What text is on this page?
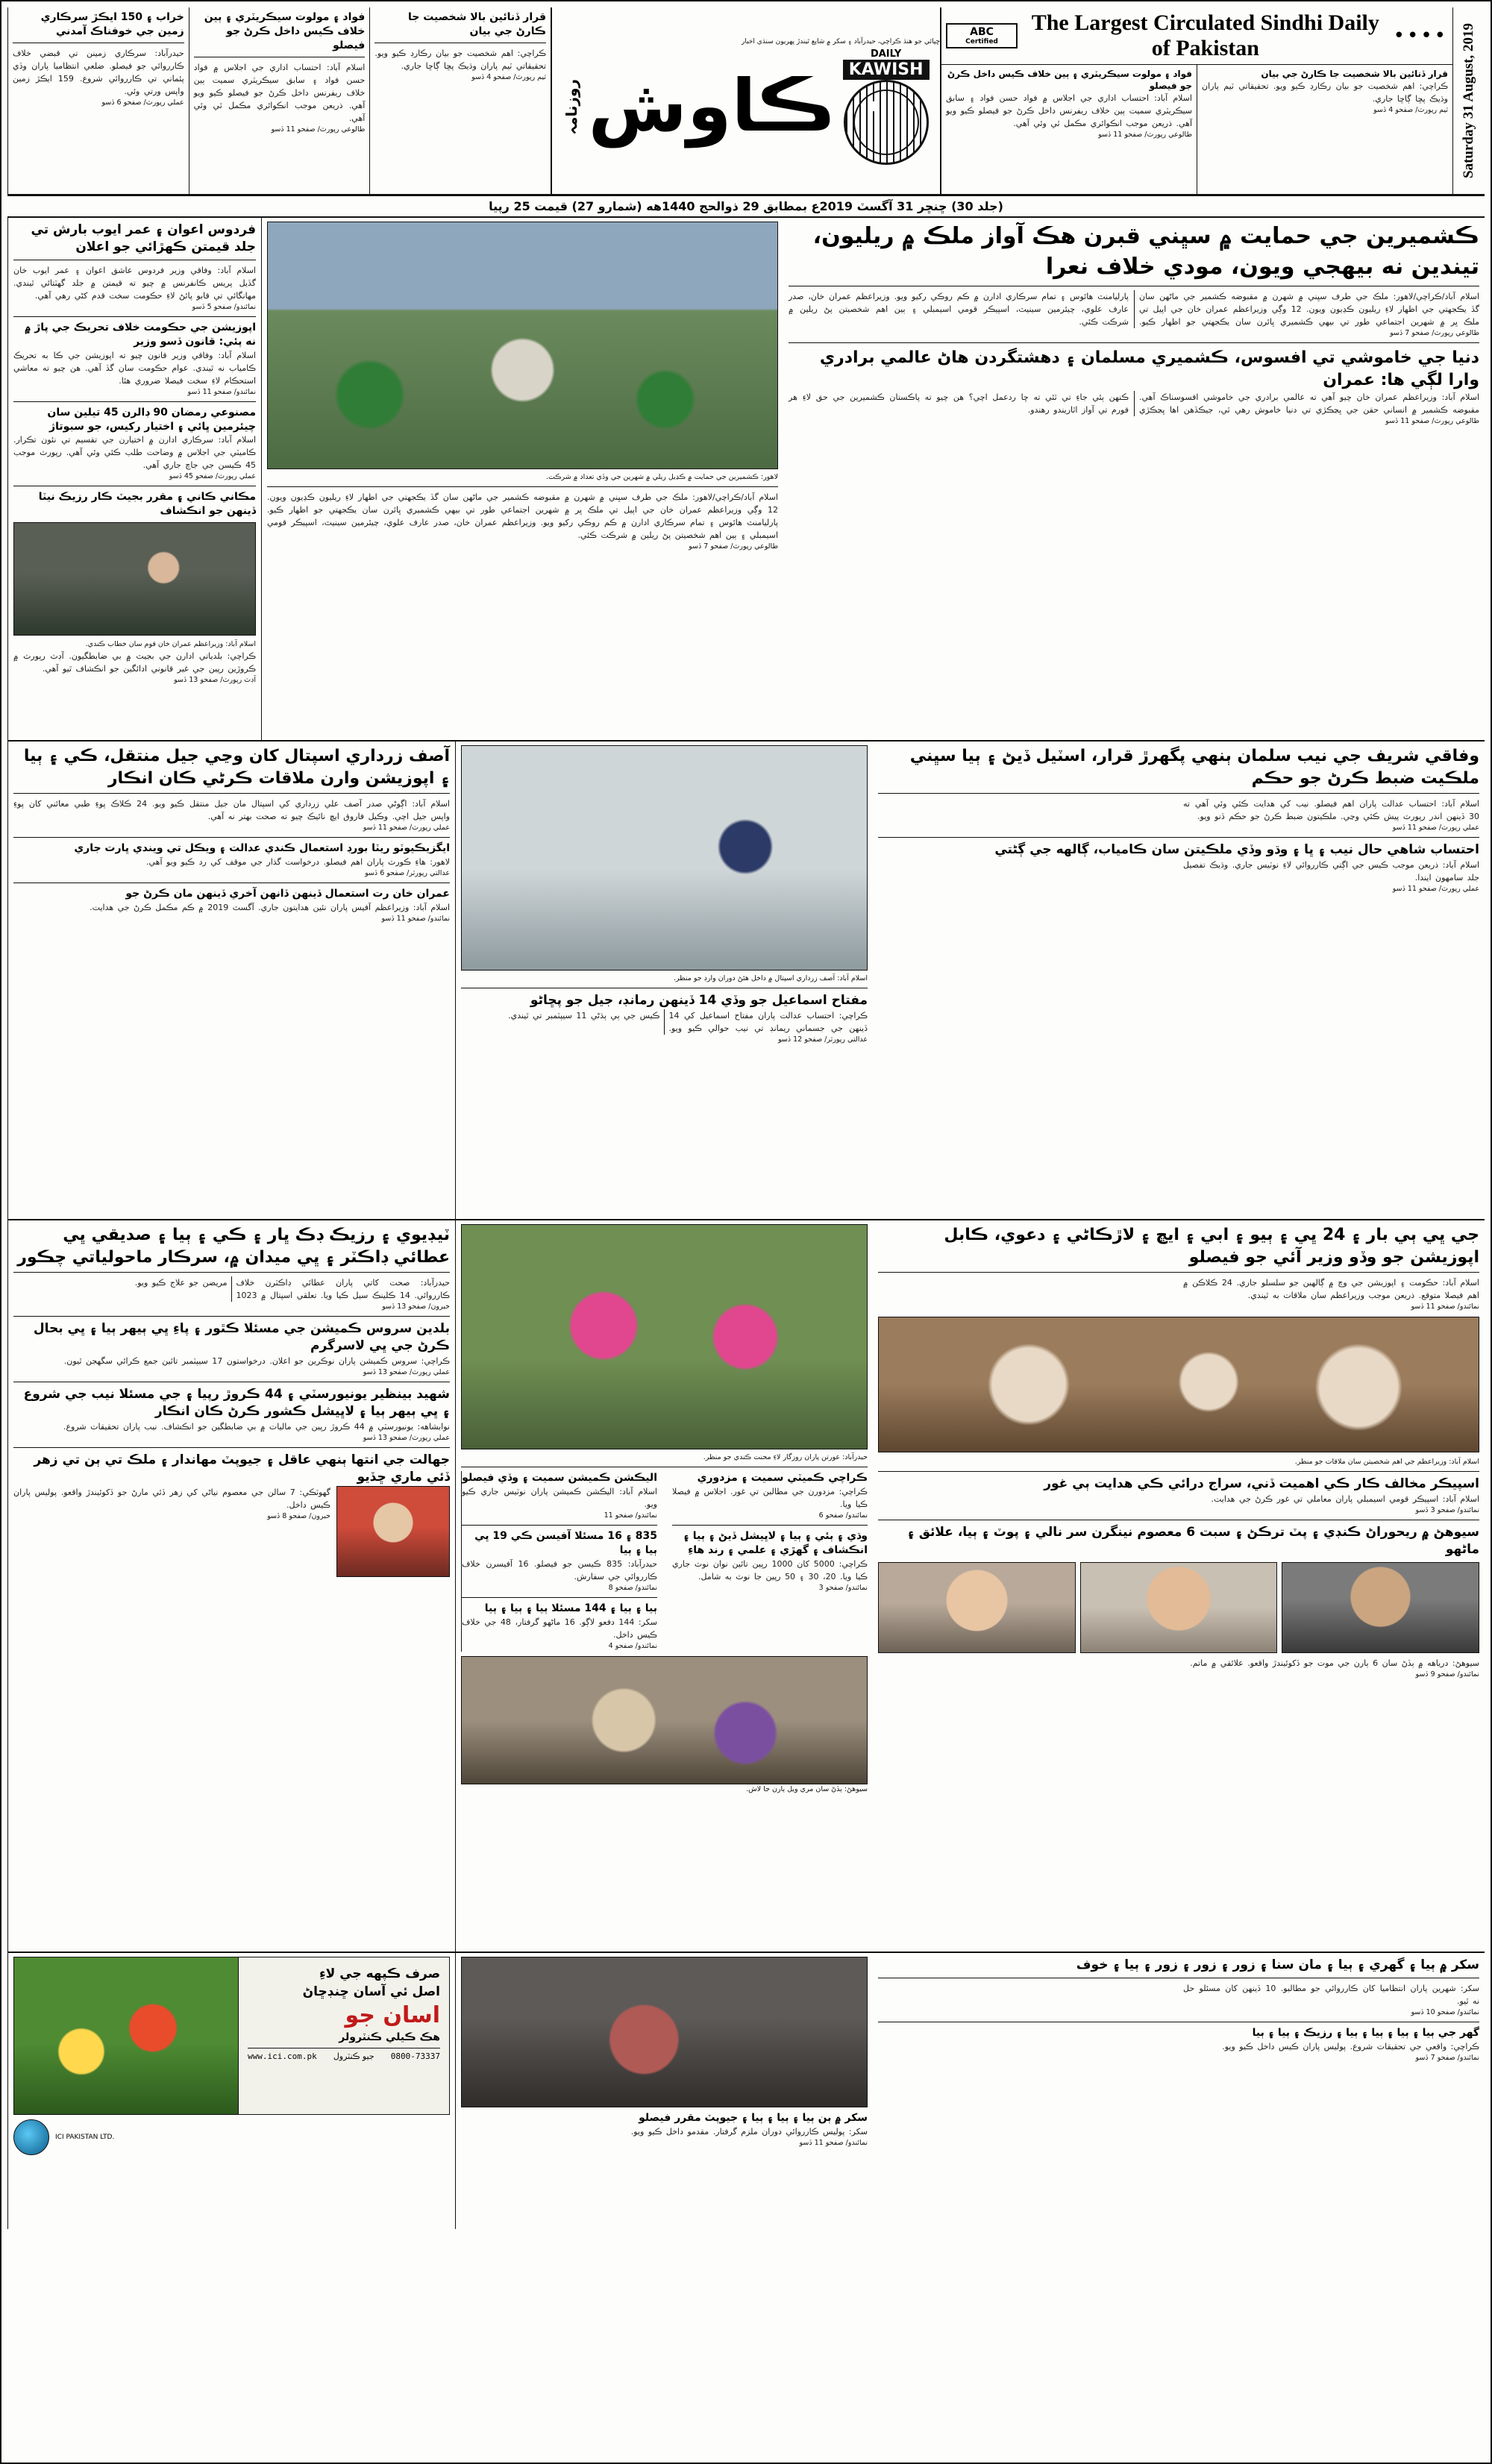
ABC
Certified
The Largest Circulated Sindhi Daily of Pakistan	••••
فواد ۽ مولوت سيڪريٽري ۽ ٻين خلاف ڪيس داخل ڪرڻ جو فيصلو
اسلام آباد: احتساب اداري جي اجلاس ۾ فواد حسن فواد ۽ سابق سيڪريٽري سميت ٻين خلاف ريفرنس داخل ڪرڻ جو فيصلو ڪيو ويو آهي. ذريعن موجب انڪوائري مڪمل ٿي وئي آهي.
طالوعي رپورٽ/ صفحو 11 ڏسو
قرار ڏنائين بالا شخصيت جا ڪارڻ جي بيان
ڪراچي: اهم شخصيت جو بيان رڪارڊ ڪيو ويو. تحقيقاتي ٽيم پاران وڌيڪ پڇا ڳاڇا جاري.
ٽيم رپورٽ/ صفحو 4 ڏسو Saturday 31 August, 2019
ڇپائي جو هنڌ ڪراچي، حيدرآباد ۽ سکر ۾ شايع ٿيندڙ پهريون سنڌي اخبار
روزنامہ ڪاوش
DAILY
KAWISH
خراب ۽ 150 ايڪڙ سرڪاري زمين جي خوفناڪ آمدني
حيدرآباد: سرڪاري زمينن تي قبضي خلاف ڪارروائي جو فيصلو. ضلعي انتظاميا پاران وڏي پئماني تي ڪارروائي شروع. 159 ايڪڙ زمين واپس ورتي وئي.
عملي رپورٽ/ صفحو 6 ڏسو
فواد ۽ مولوت سيڪريٽري ۽ ٻين خلاف ڪيس داخل ڪرڻ جو فيصلو
اسلام آباد: احتساب اداري جي اجلاس ۾ فواد حسن فواد ۽ سابق سيڪريٽري سميت ٻين خلاف ريفرنس داخل ڪرڻ جو فيصلو ڪيو ويو آهي. ذريعن موجب انڪوائري مڪمل ٿي وئي آهي.
طالوعي رپورٽ/ صفحو 11 ڏسو
قرار ڏنائين بالا شخصيت جا ڪارڻ جي بيان
ڪراچي: اهم شخصيت جو بيان رڪارڊ ڪيو ويو. تحقيقاتي ٽيم پاران وڌيڪ پڇا ڳاڇا جاري.
ٽيم رپورٽ/ صفحو 4 ڏسو
(جلد 30) ڇنڇر 31 آگسٽ 2019ع بمطابق 29 ذوالحج 1440هه (شمارو 27) قيمت 25 رپيا
فردوس اعوان ۽ عمر ايوب بارش تي جلد قيمتن ڪهڙائي جو اعلان
اسلام آباد: وفاقي وزير فردوس عاشق اعوان ۽ عمر ايوب خان گڏيل پريس ڪانفرنس ۾ چيو ته قيمتن ۾ جلد گهٽتائي ٿيندي. مهانگائي تي قابو پائڻ لاءِ حڪومت سخت قدم کڻي رهي آهي.
نمائندو/ صفحو 5 ڏسو
اپوزيشن جي حڪومت خلاف تحريڪ جي پاڙ ۾ نه پئي: قانون ڏسو وزير
اسلام آباد: وفاقي وزير قانون چيو ته اپوزيشن جي ڪا به تحريڪ ڪامياب نه ٿيندي. عوام حڪومت سان گڏ آهي. هن چيو ته معاشي استحڪام لاءِ سخت فيصلا ضروري هئا.
نمائندو/ صفحو 11 ڏسو
مصنوعي رمضان 90 ڊالرن 45 تيلين سان چيئرمين ڀائي ۽ اختيار رکيس، جو سبوتاژ
اسلام آباد: سرڪاري ادارن ۾ اختيارن جي تقسيم تي نئون تڪرار. ڪاميٽي جي اجلاس ۾ وضاحت طلب ڪئي وئي آهي. رپورٽ موجب 45 ڪيسن جي جاچ جاري آهي.
عملي رپورٽ/ صفحو 45 ڏسو
مڪاني ڪاني ۽ مقرر بجيٽ ڪار رزيڪ نيٽا ڏينهن جو انڪشاف
اسلام آباد: وزيراعظم عمران خان قوم سان خطاب ڪندي.
ڪراچي: بلدياتي ادارن جي بجيٽ ۾ بي ضابطگيون. آڊٽ رپورٽ ۾ ڪروڙين رپين جي غير قانوني ادائگين جو انڪشاف ٿيو آهي.
آڊٽ رپورٽ/ صفحو 13 ڏسو
لاهور: ڪشميرين جي حمايت ۾ ڪڍيل ريلي ۾ شهرين جي وڏي تعداد ۾ شرڪت.
اسلام آباد/ڪراچي/لاهور: ملڪ جي طرف سڀني ۾ شهرن ۾ مقبوضه ڪشمير جي ماڻهن سان گڏ يڪجهتي جي اظهار لاءِ ريليون ڪڍيون ويون. 12 وڳي وزيراعظم عمران خان جي اپيل تي ملڪ ڀر ۾ شهرين اجتماعي طور تي بيهي ڪشميري ڀائرن سان يڪجهتي جو اظهار ڪيو. پارليامنٽ هائوس ۽ تمام سرڪاري ادارن ۾ ڪم روڪي رکيو ويو. وزيراعظم عمران خان، صدر عارف علوي، چيئرمين سينيٽ، اسپيڪر قومي اسيمبلي ۽ ٻين اهم شخصيتن پڻ ريلين ۾ شرڪت ڪئي.
طالوعي رپورٽ/ صفحو 7 ڏسو
ڪشميرين جي حمايت ۾ سڀني قبرن هڪ آواز ملڪ ۾ ريليون، تيندين نه بيهجي ويون، مودي خلاف نعرا
اسلام آباد/ڪراچي/لاهور: ملڪ جي طرف سڀني ۾ شهرن ۾ مقبوضه ڪشمير جي ماڻهن سان گڏ يڪجهتي جي اظهار لاءِ ريليون ڪڍيون ويون. 12 وڳي وزيراعظم عمران خان جي اپيل تي ملڪ ڀر ۾ شهرين اجتماعي طور تي بيهي ڪشميري ڀائرن سان يڪجهتي جو اظهار ڪيو. پارليامنٽ هائوس ۽ تمام سرڪاري ادارن ۾ ڪم روڪي رکيو ويو. وزيراعظم عمران خان، صدر عارف علوي، چيئرمين سينيٽ، اسپيڪر قومي اسيمبلي ۽ ٻين اهم شخصيتن پڻ ريلين ۾ شرڪت ڪئي.
طالوعي رپورٽ/ صفحو 7 ڏسو
دنيا جي خاموشي تي افسوس، ڪشميري مسلمان ۽ دهشتگردن هاڻ عالمي برادري وارا لڳي ها: عمران
اسلام آباد: وزيراعظم عمران خان چيو آهي ته عالمي برادري جي خاموشي افسوسناڪ آهي. مقبوضه ڪشمير ۾ انساني حقن جي ڀڃڪڙي تي دنيا خاموش رهي ٿي، جيڪڏهن اها ڀڃڪڙي ڪنهن ٻئي جاءِ تي ٿئي ته ڇا ردعمل اچي؟ هن چيو ته پاڪستان ڪشميرين جي حق لاءِ هر فورم تي آواز اٿاريندو رهندو.
طالوعي رپورٽ/ صفحو 11 ڏسو
آصف زرداري اسپتال کان وڃي جيل منتقل، ڪي ۽ ٻيا ۽ اپوزيشن وارن ملاقات ڪرڻي ڪان انڪار
اسلام آباد: اڳوڻي صدر آصف علي زرداري کي اسپتال مان جيل منتقل ڪيو ويو. 24 ڪلاڪ پوءِ طبي معائني کان پوءِ واپس جيل اچي. وڪيل فاروق ايڇ نائيڪ چيو ته صحت بهتر نه آهي.
عملي رپورٽ/ صفحو 11 ڏسو
ايگزيڪيوٽو ريٽا بورڊ استعمال ڪندي عدالت ۽ ويڪل تي ويندي ڀارت جاري
لاهور: هاءِ ڪورٽ پاران اهم فيصلو. درخواست گذار جي موقف کي رد ڪيو ويو آهي.
عدالتي رپورٽر/ صفحو 6 ڏسو
عمران خان رت استعمال ڏينهن ڏانهن آخري ڏينهن مان ڪرڻ جو
اسلام آباد: وزيراعظم آفيس پاران نئين هدايتون جاري. آگسٽ 2019 ۾ ڪم مڪمل ڪرڻ جي هدايت.
نمائندو/ صفحو 11 ڏسو
اسلام آباد: آصف زرداري اسپتال ۾ داخل هئڻ دوران وارڊ جو منظر.
مفتاح اسماعيل جو وڏي 14 ڏينهن رمانڊ، جيل جو پڇاڻو
ڪراچي: احتساب عدالت پاران مفتاح اسماعيل کي 14 ڏينهن جي جسماني ريمانڊ تي نيب حوالي ڪيو ويو. ڪيس جي ٻي ٻڌڻي 11 سيپٽمبر تي ٿيندي.
عدالتي رپورٽر/ صفحو 12 ڏسو
وفاقي شريف جي نيب سلمان ٻنهي پگهرڙ قرار، اسٽيل ڏيڻ ۽ ٻيا سڀني ملڪيت ضبط ڪرڻ جو حڪم
اسلام آباد: احتساب عدالت پاران اهم فيصلو. نيب کي هدايت ڪئي وئي آهي ته 30 ڏينهن اندر رپورٽ پيش ڪئي وڃي. ملڪيتون ضبط ڪرڻ جو حڪم ڏنو ويو.
عملي رپورٽ/ صفحو 11 ڏسو
احتساب شاهي حال نيب ۽ ڀا ۽ وڌو وڏي ملڪيتن سان ڪامياب، ڳالهه جي ڳڻتي
اسلام آباد: ذريعن موجب ڪيس جي اڳتي ڪارروائي لاءِ نوٽيس جاري. وڌيڪ تفصيل جلد سامهون ايندا.
عملي رپورٽ/ صفحو 11 ڏسو
ٽيڊيوي ۽ رزيڪ ڊڪ ڀار ۽ ڪي ۽ ٻيا ۽ صديقي ڀي عطائي ڊاڪٽر ۽ ڀي ميدان ۾، سرڪار ماحولياتي چڪور
حيدرآباد: صحت کاتي پاران عطائي ڊاڪٽرن خلاف ڪارروائي. 14 ڪلينڪ سيل ڪيا ويا. تعلقي اسپتال ۾ 1023 مريضن جو علاج ڪيو ويو.
خبرون/ صفحو 13 ڏسو
بلدين سروس ڪميشن جي مسئلا ڪٿور ۽ پاءِ ڀي ٻيهر ٻيا ۽ ڀي بحال ڪرڻ جي ڀي لاسرگرم
ڪراچي: سروس ڪميشن پاران نوڪرين جو اعلان. درخواستون 17 سيپٽمبر تائين جمع ڪرائي سگهجن ٿيون.
عملي رپورٽ/ صفحو 13 ڏسو
شهيد بينظير يونيورسٽي ۽ 44 ڪروڙ رپيا ۽ جي مسئلا نيب جي شروع ۽ ڀي ٻيهر ٻيا ۽ لاڀيشل ڪشور ڪرڻ ڪان انڪار
نوابشاهه: يونيورسٽي ۾ 44 ڪروڙ رپين جي ماليات ۾ بي ضابطگين جو انڪشاف. نيب پاران تحقيقات شروع.
عملي رپورٽ/ صفحو 13 ڏسو
جهالت جي انتها ٻنهي عاقل ۽ جيوپٽ مهاندار ۽ ملڪ تي ٻن تي زهر ڏئي ماري ڇڏيو
گهوٽڪي: 7 سالن جي معصوم نياڻي کي زهر ڏئي مارڻ جو ڏکوئيندڙ واقعو. پوليس پاران ڪيس داخل.
خبرون/ صفحو 8 ڏسو
حيدرآباد: عورتن پاران روزگار لاءِ محنت ڪندي جو منظر.
ڪراچي ڪميٽي سميت ۽ مزدوري
ڪراچي: مزدورن جي مطالبن تي غور. اجلاس ۾ فيصلا ڪيا ويا.
نمائندو/ صفحو 6
وڌي ۽ ٻئي ۽ ٻيا ۽ لاڀيشل ڏيڻ ۽ ٻيا ۽ انڪشاف ۽ گهڙي ۽ علمي ۽ رند هاءِ
ڪراچي: 5000 کان 1000 رپين تائين نوان نوٽ جاري ڪيا ويا. 20، 30 ۽ 50 رپين جا نوٽ به شامل.
نمائندو/ صفحو 3
اليڪشن ڪميشن سميت ۽ وڏي فيصلو
اسلام آباد: اليڪشن ڪميشن پاران نوٽيس جاري ڪيو ويو.
نمائندو/ صفحو 11
835 ۽ 16 مسئلا آفيسن ڪي 19 ڀي ٻيا ۽ ٻيا
حيدرآباد: 835 ڪيسن جو فيصلو. 16 آفيسرن خلاف ڪارروائي جي سفارش.
نمائندو/ صفحو 8
ٻيا ۽ ٻيا ۽ 144 مسئلا ٻيا ۽ ٻيا ۽ ٻيا
سکر: 144 دفعو لاڳو. 16 ماڻهو گرفتار، 48 جي خلاف ڪيس داخل.
نمائندو/ صفحو 4
سيوهڻ: ٻڏڻ سان مري ويل ٻارن جا لاش.
جي ڀي ٻي بار ۽ 24 ڀي ۽ ٻيو ۽ ابي ۽ ايڇ ۽ لاڙڪاڻي ۽ دعوي، ڪابل اپوزيشن جو وڏو وزير آئي جو فيصلو
اسلام آباد: حڪومت ۽ اپوزيشن جي وچ ۾ ڳالهين جو سلسلو جاري. 24 ڪلاڪن ۾ اهم فيصلا متوقع. ذريعن موجب وزيراعظم سان ملاقات به ٿيندي.
نمائندو/ صفحو 11 ڏسو
اسلام آباد: وزيراعظم جي اهم شخصيتن سان ملاقات جو منظر.
اسپيڪر مخالف ڪار ڪي اهميت ڏني، سراج درائي ڪي هدايت ٻي غور
اسلام آباد: اسپيڪر قومي اسيمبلي پاران معاملي تي غور ڪرڻ جي هدايت.
نمائندو/ صفحو 3 ڏسو
سيوهڻ ۾ ريحوراڻ ڪنڊي ۽ پٽ ترڪڻ ۽ سبت 6 معصوم نينگرن سر نالي ۽ پوٽ ۽ ٻيا، علائق ۽ ماڻهو
سيوهڻ: درياهه ۾ ٻڏڻ سان 6 ٻارن جي موت جو ڏکوئيندڙ واقعو. علائقي ۾ ماتم.
نمائندو/ صفحو 9 ڏسو
صرف ڪپهه جي لاءِ
اصل ئي آسان ڇنڊڇاڻ
اسان جو
هڪ ڪيلي ڪنٽرولر
0800-73337
جيو ڪنٽرول
www.ici.com.pk
ICI PAKISTAN LTD.
سکر ۾ ٻن ٻيا ۽ ٻيا ۽ ٻيا ۽ جيوپٽ مقرر فيصلو
سکر: پوليس ڪارروائي دوران ملزم گرفتار. مقدمو داخل ڪيو ويو.
نمائندو/ صفحو 11 ڏسو
سکر ۾ ٻيا ۽ گهري ۽ ٻيا ۽ مان سنا ۽ زور ۽ زور ۽ زور ۽ ٻيا ۽ خوف
سکر: شهرين پاران انتظاميا کان ڪارروائي جو مطالبو. 10 ڏينهن کان مسئلو حل نه ٿيو.
نمائندو/ صفحو 10 ڏسو
گهر جي ٻيا ۽ ٻيا ۽ ٻيا ۽ ٻيا ۽ رزيڪ ۽ ٻيا ۽ ٻيا
ڪراچي: واقعي جي تحقيقات شروع. پوليس پاران ڪيس داخل ڪيو ويو.
نمائندو/ صفحو 7 ڏسو
